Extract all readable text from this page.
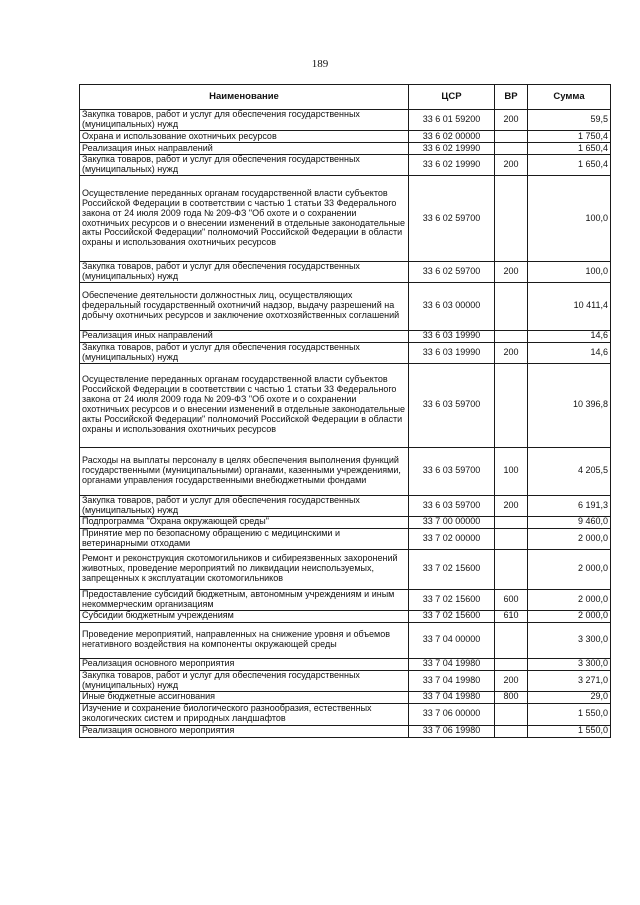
189
Наименование	ЦСР	ВР	Сумма
Закупка товаров, работ и услуг для обеспечения государственных (муниципальных) нужд	33 6 01 59200	200	59,5
Охрана и использование охотничьих ресурсов	33 6 02 00000		1 750,4
Реализация иных направлений	33 6 02 19990		1 650,4
Закупка товаров, работ и услуг для обеспечения государственных (муниципальных) нужд	33 6 02 19990	200	1 650,4
Осуществление переданных органам государственной власти субъектов Российской Федерации в соответствии с частью 1 статьи 33 Федерального закона от 24 июля 2009 года № 209-ФЗ "Об охоте и о сохранении охотничьих ресурсов и о внесении изменений в отдельные законодательные акты Российской Федерации" полномочий Российской Федерации в области охраны и использования охотничьих ресурсов	33 6 02 59700		100,0
Закупка товаров, работ и услуг для обеспечения государственных (муниципальных) нужд	33 6 02 59700	200	100,0
Обеспечение деятельности должностных лиц, осуществляющих федеральный государственный охотничий надзор, выдачу разрешений на добычу охотничьих ресурсов и заключение охотхозяйственных соглашений	33 6 03 00000		10 411,4
Реализация иных направлений	33 6 03 19990		14,6
Закупка товаров, работ и услуг для обеспечения государственных (муниципальных) нужд	33 6 03 19990	200	14,6
Осуществление переданных органам государственной власти субъектов Российской Федерации в соответствии с частью 1 статьи 33 Федерального закона от 24 июля 2009 года № 209-ФЗ "Об охоте и о сохранении охотничьих ресурсов и о внесении изменений в отдельные законодательные акты Российской Федерации" полномочий Российской Федерации в области охраны и использования охотничьих ресурсов	33 6 03 59700		10 396,8
Расходы на выплаты персоналу в целях обеспечения выполнения функций государственными (муниципальными) органами, казенными учреждениями, органами управления государственными внебюджетными фондами	33 6 03 59700	100	4 205,5
Закупка товаров, работ и услуг для обеспечения государственных (муниципальных) нужд	33 6 03 59700	200	6 191,3
Подпрограмма "Охрана окружающей среды"	33 7 00 00000		9 460,0
Принятие мер по безопасному обращению с медицинскими и ветеринарными отходами	33 7 02 00000		2 000,0
Ремонт и реконструкция скотомогильников и сибиреязвенных захоронений животных, проведение мероприятий по ликвидации неиспользуемых, запрещенных к эксплуатации скотомогильников	33 7 02 15600		2 000,0
Предоставление субсидий бюджетным, автономным учреждениям и иным некоммерческим организациям	33 7 02 15600	600	2 000,0
Субсидии бюджетным учреждениям	33 7 02 15600	610	2 000,0
Проведение мероприятий, направленных на снижение уровня и объемов негативного воздействия на компоненты окружающей среды	33 7 04 00000		3 300,0
Реализация основного мероприятия	33 7 04 19980		3 300,0
Закупка товаров, работ и услуг для обеспечения государственных (муниципальных) нужд	33 7 04 19980	200	3 271,0
Иные бюджетные ассигнования	33 7 04 19980	800	29,0
Изучение и сохранение биологического разнообразия, естественных экологических систем и природных ландшафтов	33 7 06 00000		1 550,0
Реализация основного мероприятия	33 7 06 19980		1 550,0
